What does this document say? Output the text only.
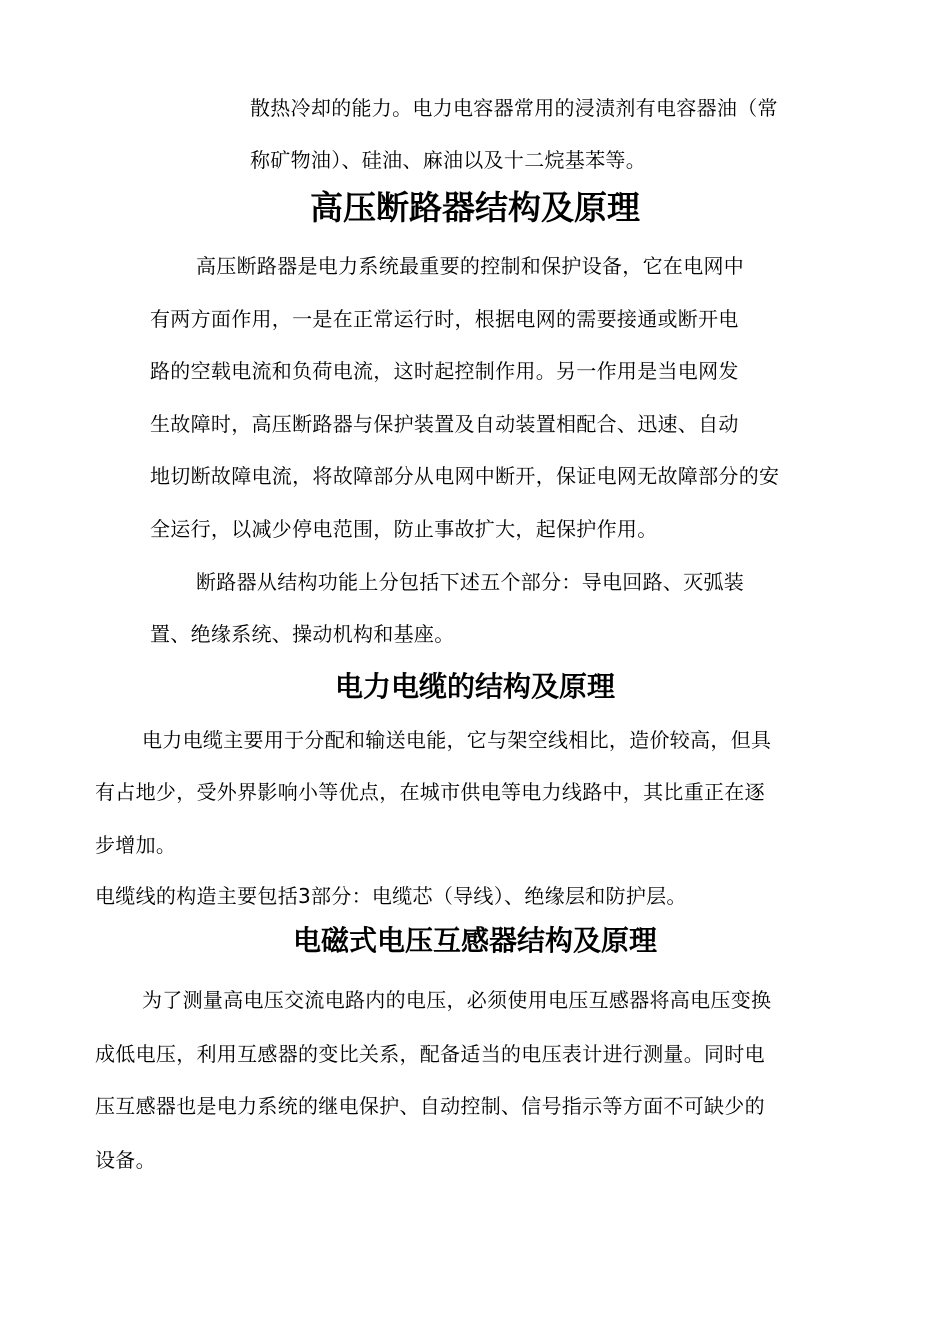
散热冷却的能力。电力电容器常用的浸渍剂有电容器油（常
称矿物油）、硅油、麻油以及十二烷基苯等。
高压断路器结构及原理
高压断路器是电力系统最重要的控制和保护设备，它在电网中
有两方面作用，一是在正常运行时，根据电网的需要接通或断开电
路的空载电流和负荷电流，这时起控制作用。另一作用是当电网发
生故障时，高压断路器与保护装置及自动装置相配合、迅速、自动
地切断故障电流，将故障部分从电网中断开，保证电网无故障部分的安
全运行，以减少停电范围，防止事故扩大，起保护作用。
断路器从结构功能上分包括下述五个部分：导电回路、灭弧装
置、绝缘系统、操动机构和基座。
电力电缆的结构及原理
电力电缆主要用于分配和输送电能，它与架空线相比，造价较高，但具
有占地少，受外界影响小等优点，在城市供电等电力线路中，其比重正在逐
步增加。
电缆线的构造主要包括3部分：电缆芯（导线）、绝缘层和防护层。
电磁式电压互感器结构及原理
为了测量高电压交流电路内的电压，必须使用电压互感器将高电压变换
成低电压，利用互感器的变比关系，配备适当的电压表计进行测量。同时电
压互感器也是电力系统的继电保护、自动控制、信号指示等方面不可缺少的
设备。
